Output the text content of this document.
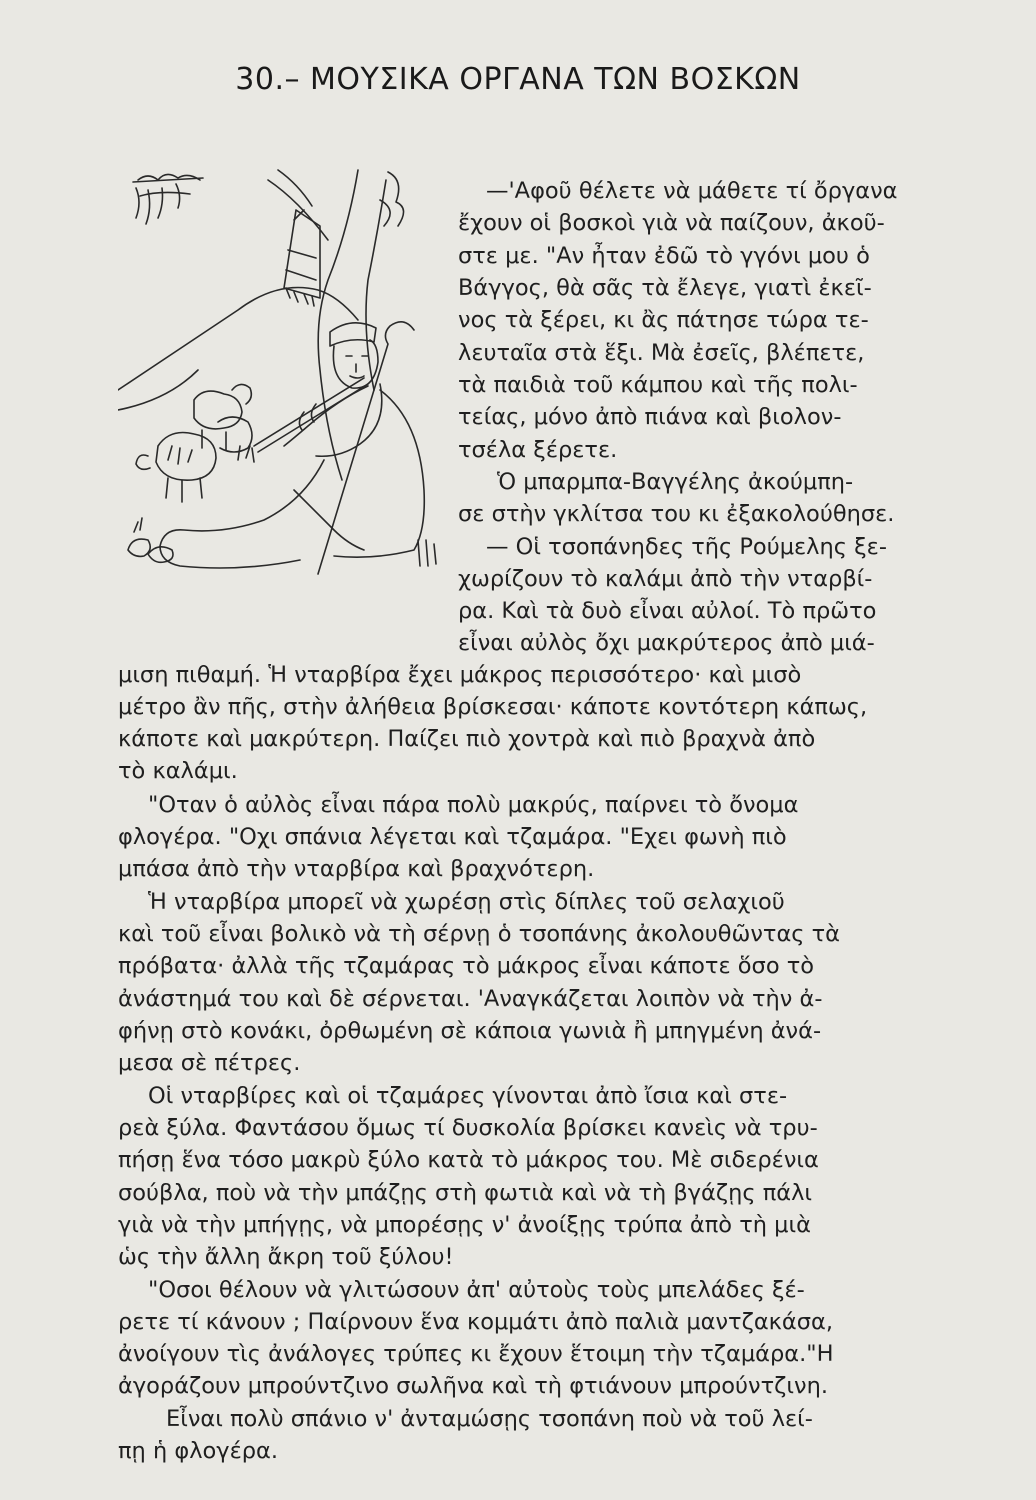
30.– ΜΟΥΣΙΚΑ ΟΡΓΑΝΑ ΤΩΝ ΒΟΣΚΩΝ
—'Αφοῦ θέλετε νὰ μάθετε τί ὄργανα
ἔχουν οἱ βοσκοὶ γιὰ νὰ παίζουν, ἀκοῦ-
στε με. "Αν ἦταν ἐδῶ τὸ γγόνι μου ὁ
Βάγγος, θὰ σᾶς τὰ ἔλεγε, γιατὶ ἐκεῖ-
νος τὰ ξέρει, κι ἂς πάτησε τώρα τε-
λευταῖα στὰ ἕξι. Μὰ ἐσεῖς, βλέπετε,
τὰ παιδιὰ τοῦ κάμπου καὶ τῆς πολι-
τείας, μόνο ἀπὸ πιάνα καὶ βιολον-
τσέλα ξέρετε.
Ὁ μπαρμπα-Βαγγέλης ἀκούμπη-
σε στὴν γκλίτσα του κι ἐξακολούθησε.
— Οἱ τσοπάνηδες τῆς Ρούμελης ξε-
χωρίζουν τὸ καλάμι ἀπὸ τὴν νταρβί-
ρα. Καὶ τὰ δυὸ εἶναι αὐλοί. Τὸ πρῶτο
εἶναι αὐλὸς ὄχι μακρύτερος ἀπὸ μιά-
μιση πιθαμή. Ἡ νταρβίρα ἔχει μάκρος περισσότερο· καὶ μισὸ
μέτρο ἂν πῆς, στὴν ἀλήθεια βρίσκεσαι· κάποτε κοντότερη κάπως,
κάποτε καὶ μακρύτερη. Παίζει πιὸ χοντρὰ καὶ πιὸ βραχνὰ ἀπὸ
τὸ καλάμι.
"Οταν ὁ αὐλὸς εἶναι πάρα πολὺ μακρύς, παίρνει τὸ ὄνομα
φλογέρα. "Οχι σπάνια λέγεται καὶ τζαμάρα. "Εχει φωνὴ πιὸ
μπάσα ἀπὸ τὴν νταρβίρα καὶ βραχνότερη.
Ἡ νταρβίρα μπορεῖ νὰ χωρέσῃ στὶς δίπλες τοῦ σελαχιοῦ
καὶ τοῦ εἶναι βολικὸ νὰ τὴ σέρνῃ ὁ τσοπάνης ἀκολουθῶντας τὰ
πρόβατα· ἀλλὰ τῆς τζαμάρας τὸ μάκρος εἶναι κάποτε ὅσο τὸ
ἀνάστημά του καὶ δὲ σέρνεται. 'Αναγκάζεται λοιπὸν νὰ τὴν ἀ-
φήνῃ στὸ κονάκι, ὀρθωμένη σὲ κάποια γωνιὰ ἢ μπηγμένη ἀνά-
μεσα σὲ πέτρες.
Οἱ νταρβίρες καὶ οἱ τζαμάρες γίνονται ἀπὸ ἴσια καὶ στε-
ρεὰ ξύλα. Φαντάσου ὅμως τί δυσκολία βρίσκει κανεὶς νὰ τρυ-
πήσῃ ἕνα τόσο μακρὺ ξύλο κατὰ τὸ μάκρος του. Μὲ σιδερένια
σούβλα, ποὺ νὰ τὴν μπάζῃς στὴ φωτιὰ καὶ νὰ τὴ βγάζῃς πάλι
γιὰ νὰ τὴν μπήγῃς, νὰ μπορέσῃς ν' ἀνοίξῃς τρύπα ἀπὸ τὴ μιὰ
ὡς τὴν ἄλλη ἄκρη τοῦ ξύλου!
"Οσοι θέλουν νὰ γλιτώσουν ἀπ' αὐτοὺς τοὺς μπελάδες ξέ-
ρετε τί κάνουν ; Παίρνουν ἕνα κομμάτι ἀπὸ παλιὰ μαντζακάσα,
ἀνοίγουν τὶς ἀνάλογες τρύπες κι ἔχουν ἕτοιμη τὴν τζαμάρα."Η
ἀγοράζουν μπρούντζινο σωλῆνα καὶ τὴ φτιάνουν μπρούντζινη.
Εἶναι πολὺ σπάνιο ν' ἀνταμώσῃς τσοπάνη ποὺ νὰ τοῦ λεί-
πῃ ἡ φλογέρα.
